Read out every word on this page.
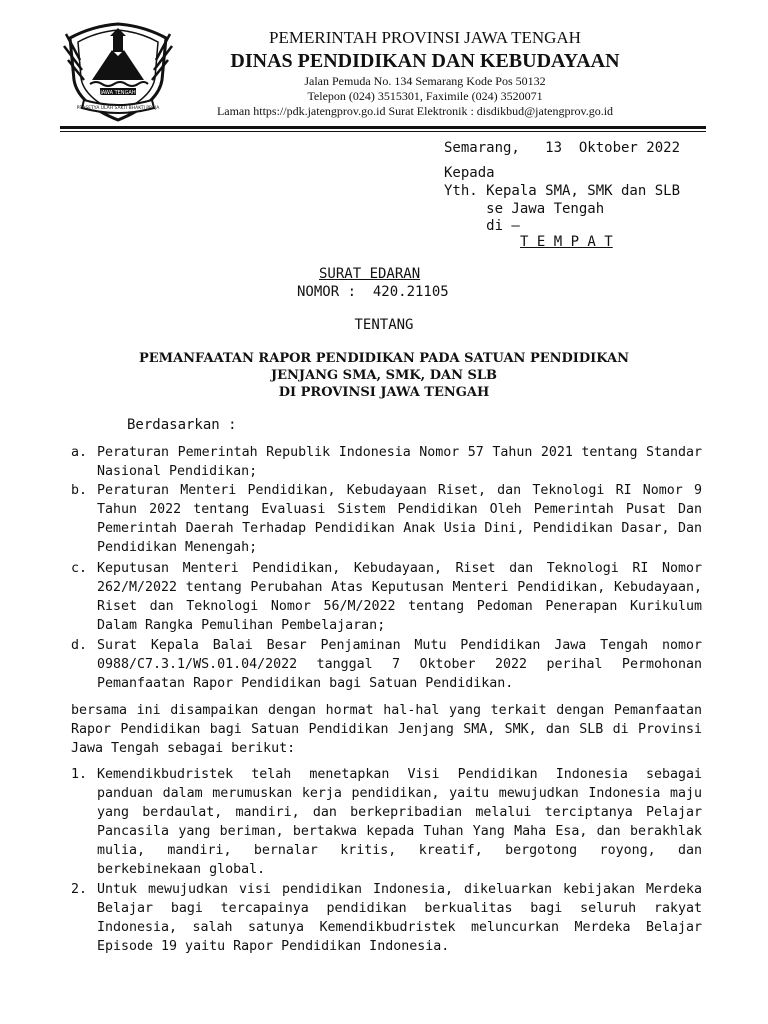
JAWA TENGAH
PRASETYA ULAH SAKTI BHAKTI PRAJA
PEMERINTAH PROVINSI JAWA TENGAH
DINAS PENDIDIKAN DAN KEBUDAYAAN
Jalan Pemuda No. 134 Semarang Kode Pos 50132
Telepon (024) 3515301, Faximile (024) 3520071
Laman https://pdk.jatengprov.go.id Surat Elektronik : disdikbud@jatengprov.go.id
Semarang,   13  Oktober 2022
Kepada
Yth. Kepala SMA, SMK dan SLB
se Jawa Tengah
di –
T E M P A T
SURAT EDARAN
NOMOR :  420.21105
TENTANG
PEMANFAATAN RAPOR PENDIDIKAN PADA SATUAN PENDIDIKAN
JENJANG SMA, SMK, DAN SLB
DI PROVINSI JAWA TENGAH
Berdasarkan :
a. Peraturan Pemerintah Republik Indonesia Nomor 57 Tahun 2021 tentang Standar Nasional Pendidikan;
b. Peraturan Menteri Pendidikan, Kebudayaan Riset, dan Teknologi RI Nomor 9 Tahun 2022 tentang Evaluasi Sistem Pendidikan Oleh Pemerintah Pusat Dan Pemerintah Daerah Terhadap Pendidikan Anak Usia Dini, Pendidikan Dasar, Dan Pendidikan Menengah;
c. Keputusan Menteri Pendidikan, Kebudayaan, Riset dan Teknologi RI Nomor 262/M/2022 tentang Perubahan Atas Keputusan Menteri Pendidikan, Kebudayaan, Riset dan Teknologi Nomor 56/M/2022 tentang Pedoman Penerapan Kurikulum Dalam Rangka Pemulihan Pembelajaran;
d. Surat Kepala Balai Besar Penjaminan Mutu Pendidikan Jawa Tengah nomor 0988/C7.3.1/WS.01.04/2022 tanggal 7 Oktober 2022 perihal Permohonan Pemanfaatan Rapor Pendidikan bagi Satuan Pendidikan.
bersama ini disampaikan dengan hormat hal-hal yang terkait dengan Pemanfaatan Rapor Pendidikan bagi Satuan Pendidikan Jenjang SMA, SMK, dan SLB di Provinsi Jawa Tengah sebagai berikut:
1. Kemendikbudristek telah menetapkan Visi Pendidikan Indonesia sebagai panduan dalam merumuskan kerja pendidikan, yaitu mewujudkan Indonesia maju yang berdaulat, mandiri, dan berkepribadian melalui terciptanya Pelajar Pancasila yang beriman, bertakwa kepada Tuhan Yang Maha Esa, dan berakhlak mulia, mandiri, bernalar kritis, kreatif, bergotong royong, dan berkebinekaan global.
2. Untuk mewujudkan visi pendidikan Indonesia, dikeluarkan kebijakan Merdeka Belajar bagi tercapainya pendidikan berkualitas bagi seluruh rakyat Indonesia, salah satunya Kemendikbudristek meluncurkan Merdeka Belajar Episode 19 yaitu Rapor Pendidikan Indonesia.
